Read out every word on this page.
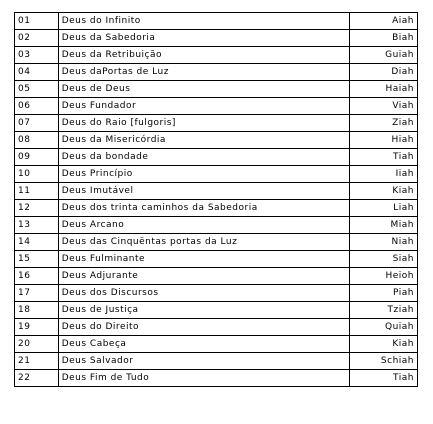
01	Deus do Infinito	Aiah
02	Deus da Sabedoria	Biah
03	Deus da Retribuição	Guiah
04	Deus daPortas de Luz	Diah
05	Deus de Deus	Haiah
06	Deus Fundador	Viah
07	Deus do Raio [fulgoris]	Ziah
08	Deus da Misericórdia	Hiah
09	Deus da bondade	Tiah
10	Deus Princípio	Iiah
11	Deus Imutável	Kiah
12	Deus dos trinta caminhos da Sabedoria	Liah
13	Deus Arcano	Miah
14	Deus das Cinquëntas portas da Luz	Niah
15	Deus Fulminante	Siah
16	Deus Adjurante	Heioh
17	Deus dos Discursos	Piah
18	Deus de Justiça	Tziah
19	Deus do Direito	Quiah
20	Deus Cabeça	Kiah
21	Deus Salvador	Schiah
22	Deus Fim de Tudo	Tiah
